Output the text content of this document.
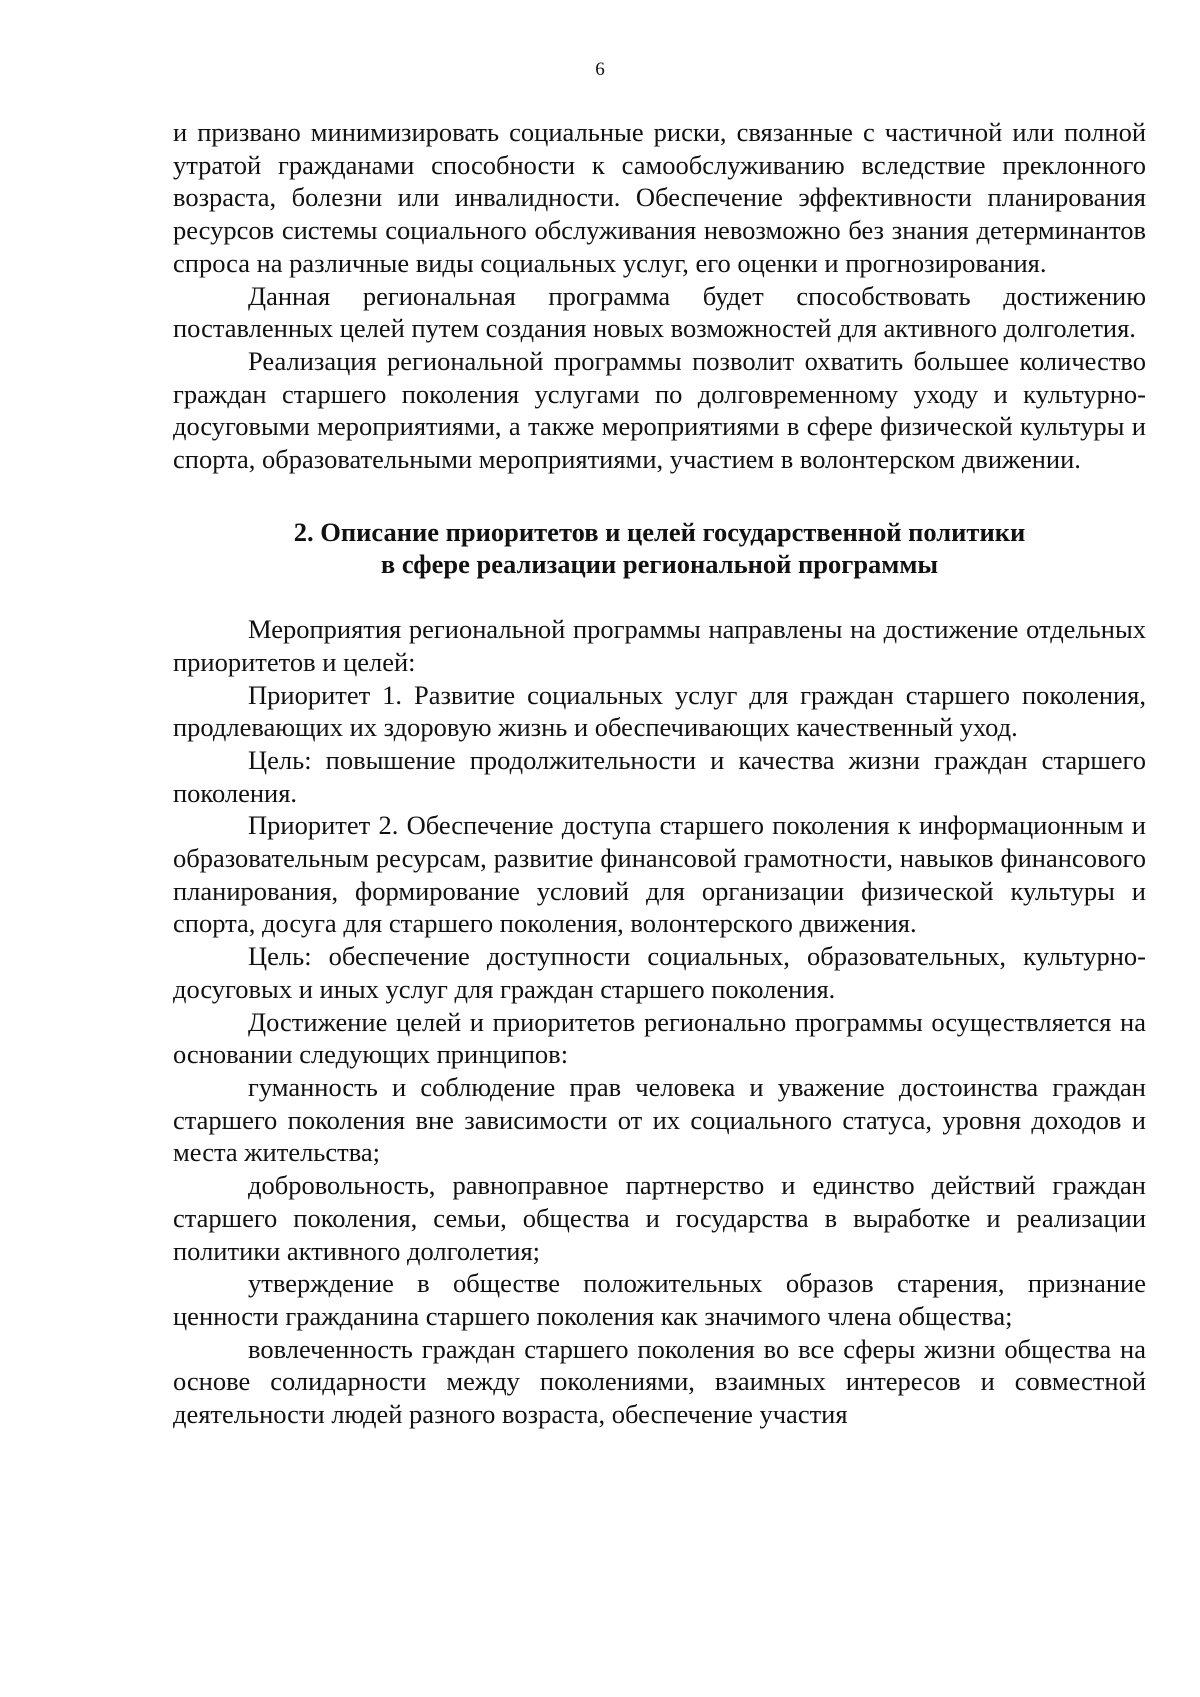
6

и призвано минимизировать социальные риски, связанные с частичной или полной утратой гражданами способности к самообслуживанию вследствие преклонного возраста, болезни или инвалидности. Обеспечение эффективности планирования ресурсов системы социального обслуживания невозможно без знания детерминантов спроса на различные виды социальных услуг, его оценки и прогнозирования.

Данная региональная программа будет способствовать достижению поставленных целей путем создания новых возможностей для активного долголетия.

Реализация региональной программы позволит охватить большее количество граждан старшего поколения услугами по долговременному уходу и культурно-досуговыми мероприятиями, а также мероприятиями в сфере физической культуры и спорта, образовательными мероприятиями, участием в волонтерском движении.

2. Описание приоритетов и целей государственной политики
в сфере реализации региональной программы

Мероприятия региональной программы направлены на достижение отдельных приоритетов и целей:

Приоритет 1. Развитие социальных услуг для граждан старшего поколения, продлевающих их здоровую жизнь и обеспечивающих качественный уход.

Цель: повышение продолжительности и качества жизни граждан старшего поколения.

Приоритет 2. Обеспечение доступа старшего поколения к информационным и образовательным ресурсам, развитие финансовой грамотности, навыков финансового планирования, формирование условий для организации физической культуры и спорта, досуга для старшего поколения, волонтерского движения.

Цель: обеспечение доступности социальных, образовательных, культурно-досуговых и иных услуг для граждан старшего поколения.

Достижение целей и приоритетов регионально программы осуществляется на основании следующих принципов:

гуманность и соблюдение прав человека и уважение достоинства граждан старшего поколения вне зависимости от их социального статуса, уровня доходов и места жительства;

добровольность, равноправное партнерство и единство действий граждан старшего поколения, семьи, общества и государства в выработке и реализации политики активного долголетия;

утверждение в обществе положительных образов старения, признание ценности гражданина старшего поколения как значимого члена общества;

вовлеченность граждан старшего поколения во все сферы жизни общества на основе солидарности между поколениями, взаимных интересов и совместной деятельности людей разного возраста, обеспечение участия
